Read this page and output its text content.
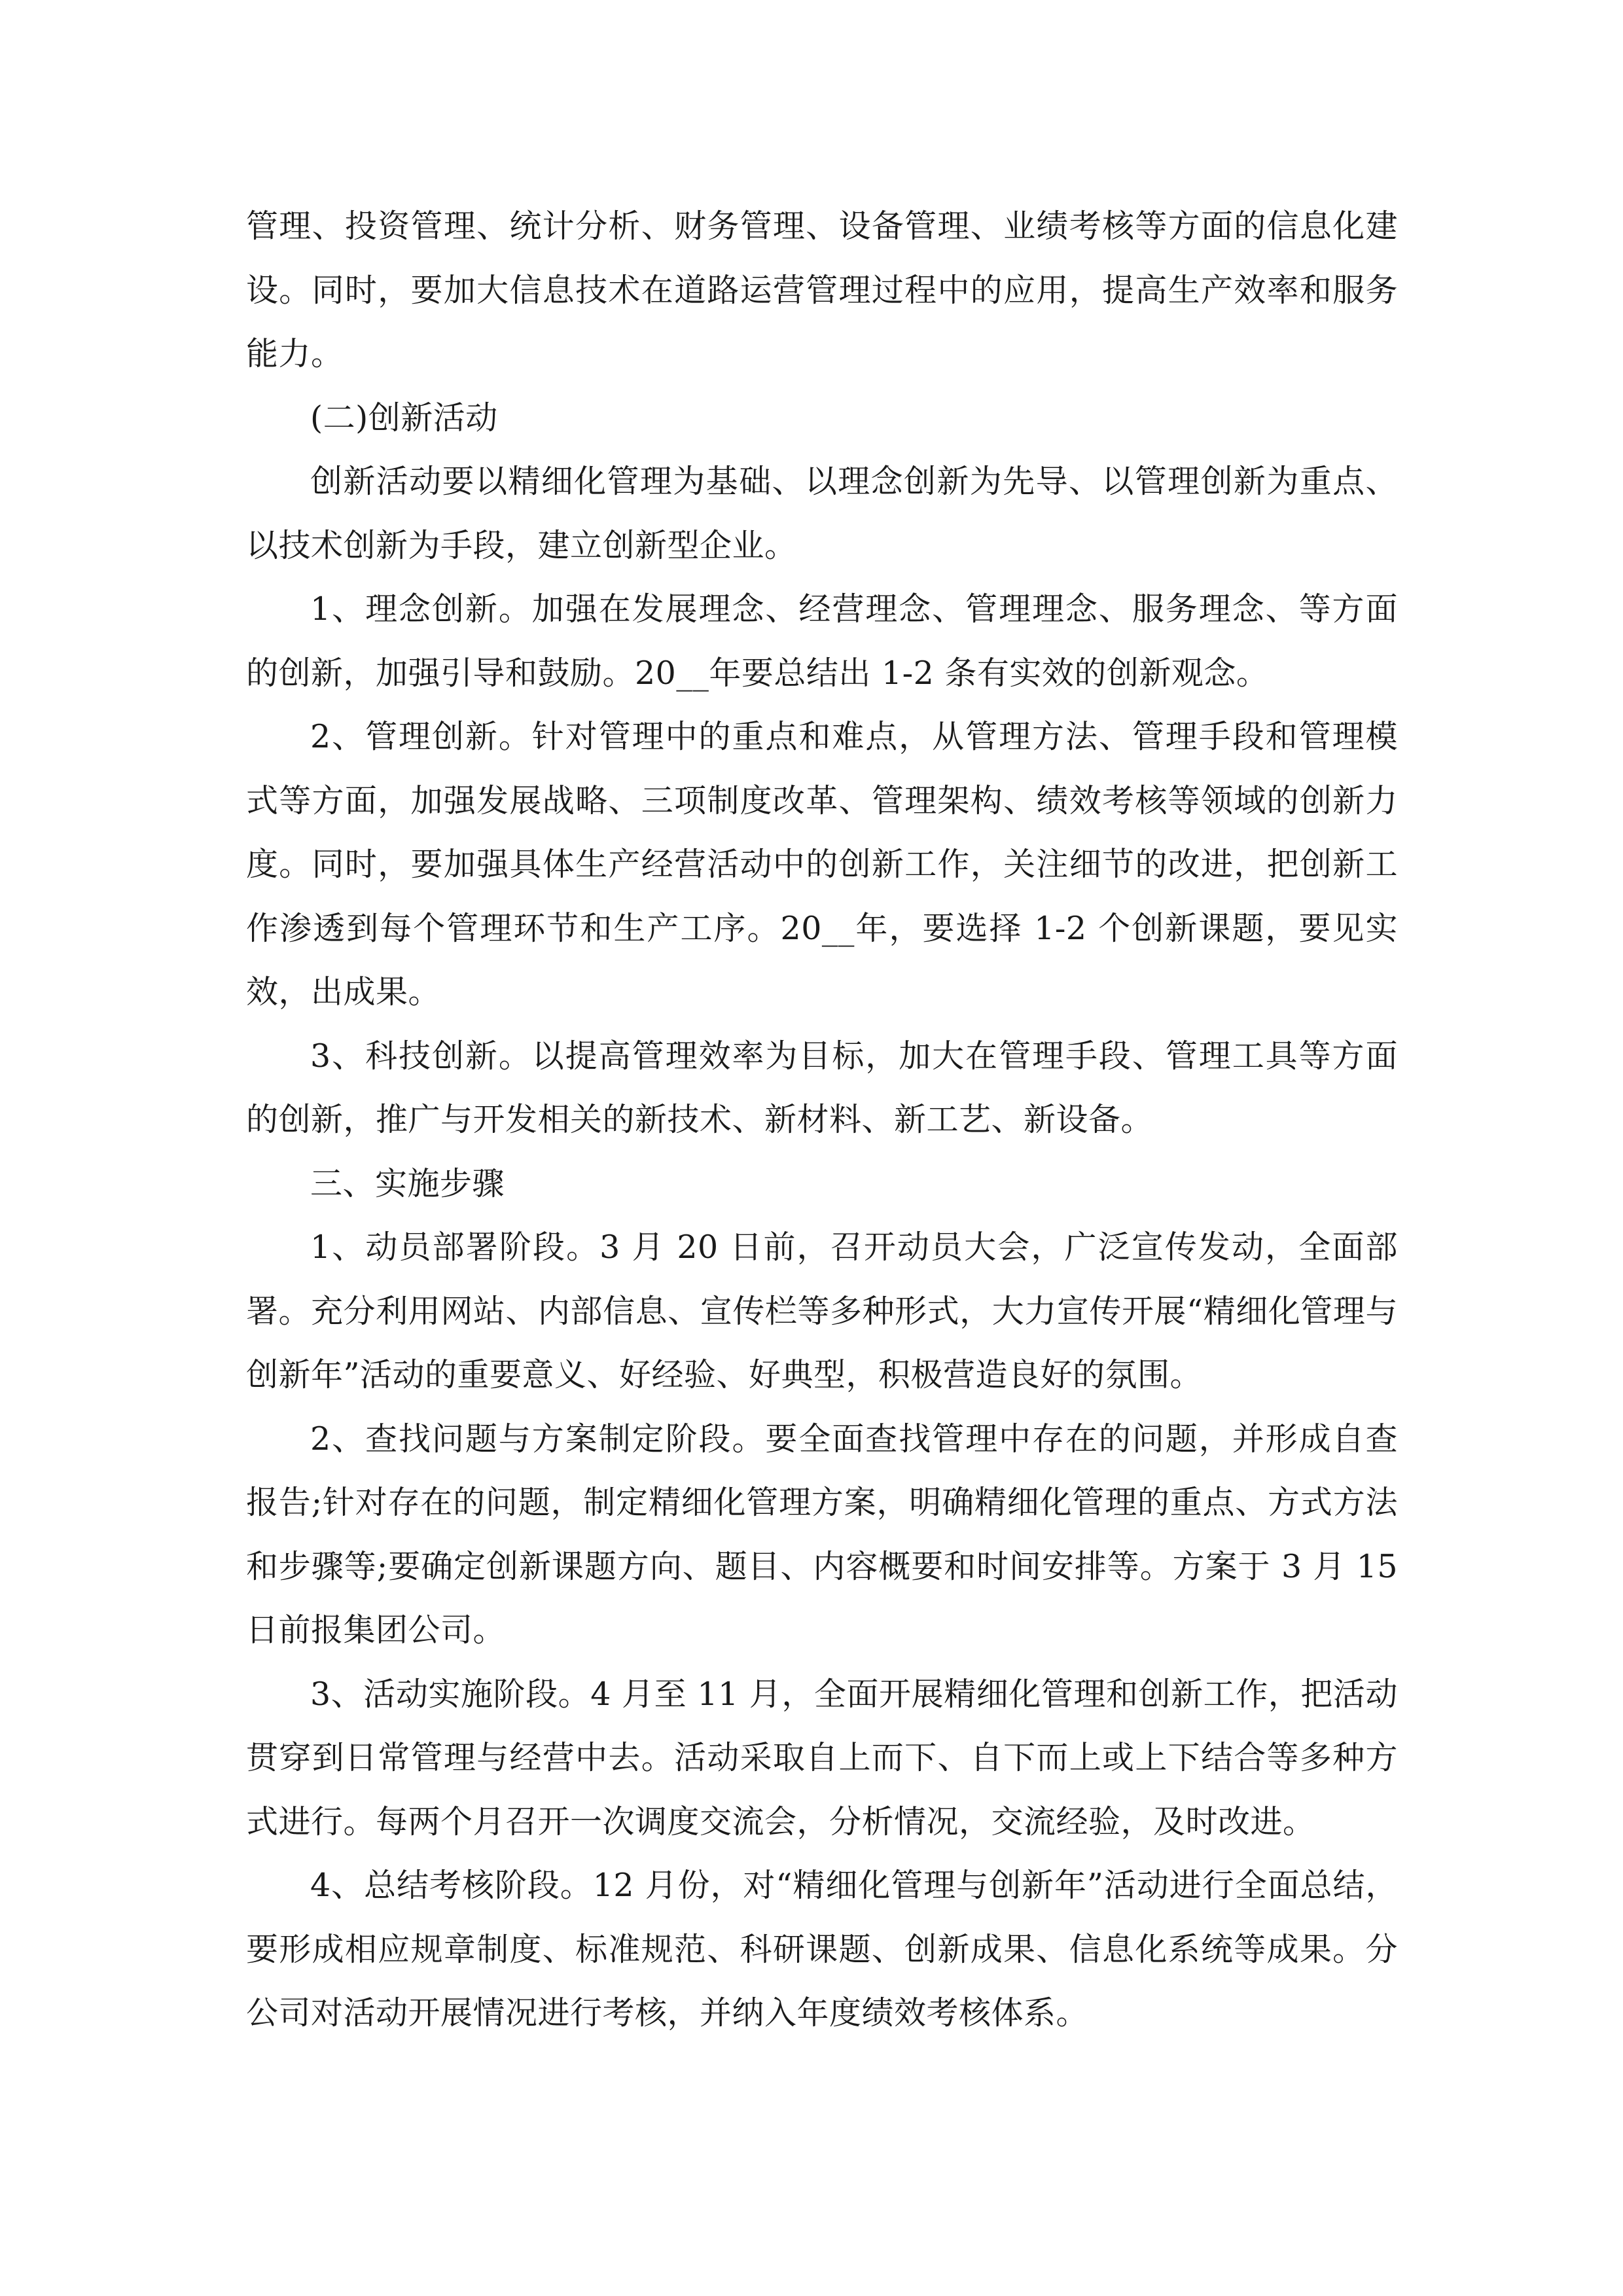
管理、投资管理、统计分析、财务管理、设备管理、业绩考核等方面的信息化建设。同时，要加大信息技术在道路运营管理过程中的应用，提高生产效率和服务能力。

(二)创新活动

创新活动要以精细化管理为基础、以理念创新为先导、以管理创新为重点、以技术创新为手段，建立创新型企业。

1、理念创新。加强在发展理念、经营理念、管理理念、服务理念、等方面的创新，加强引导和鼓励。20__年要总结出 1-2 条有实效的创新观念。

2、管理创新。针对管理中的重点和难点，从管理方法、管理手段和管理模式等方面，加强发展战略、三项制度改革、管理架构、绩效考核等领域的创新力度。同时，要加强具体生产经营活动中的创新工作，关注细节的改进，把创新工作渗透到每个管理环节和生产工序。20__年，要选择 1-2 个创新课题，要见实效，出成果。

3、科技创新。以提高管理效率为目标，加大在管理手段、管理工具等方面的创新，推广与开发相关的新技术、新材料、新工艺、新设备。

三、实施步骤

1、动员部署阶段。3 月 20 日前，召开动员大会，广泛宣传发动，全面部署。充分利用网站、内部信息、宣传栏等多种形式，大力宣传开展“精细化管理与创新年”活动的重要意义、好经验、好典型，积极营造良好的氛围。

2、查找问题与方案制定阶段。要全面查找管理中存在的问题，并形成自查报告;针对存在的问题，制定精细化管理方案，明确精细化管理的重点、方式方法和步骤等;要确定创新课题方向、题目、内容概要和时间安排等。方案于 3 月 15 日前报集团公司。

3、活动实施阶段。4 月至 11 月，全面开展精细化管理和创新工作，把活动贯穿到日常管理与经营中去。活动采取自上而下、自下而上或上下结合等多种方式进行。每两个月召开一次调度交流会，分析情况，交流经验，及时改进。

4、总结考核阶段。12 月份，对“精细化管理与创新年”活动进行全面总结，要形成相应规章制度、标准规范、科研课题、创新成果、信息化系统等成果。分公司对活动开展情况进行考核，并纳入年度绩效考核体系。
